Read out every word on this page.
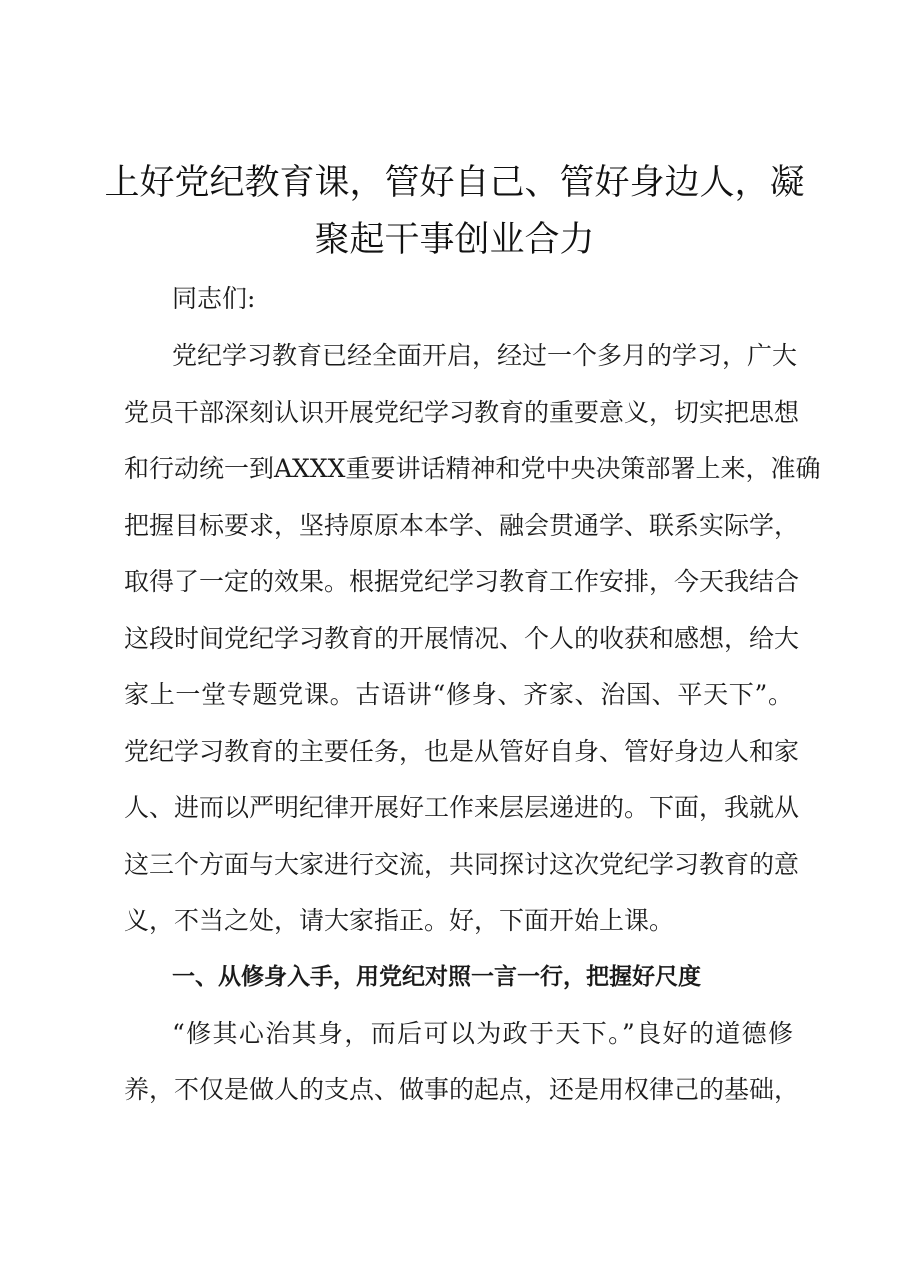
上好党纪教育课，管好自己、管好身边人，凝
聚起干事创业合力
同志们:
党纪学习教育已经全面开启，经过一个多月的学习，广大
党员干部深刻认识开展党纪学习教育的重要意义，切实把思想
和行动统一到AXXX重要讲话精神和党中央决策部署上来，准确
把握目标要求，坚持原原本本学、融会贯通学、联系实际学，
取得了一定的效果。根据党纪学习教育工作安排，今天我结合
这段时间党纪学习教育的开展情况、个人的收获和感想，给大
家上一堂专题党课。古语讲“修身、齐家、治国、平天下”。
党纪学习教育的主要任务，也是从管好自身、管好身边人和家
人、进而以严明纪律开展好工作来层层递进的。下面，我就从
这三个方面与大家进行交流，共同探讨这次党纪学习教育的意
义，不当之处，请大家指正。好，下面开始上课。
一、从修身入手，用党纪对照一言一行，把握好尺度
“修其心治其身，而后可以为政于天下。”良好的道德修
养，不仅是做人的支点、做事的起点，还是用权律己的基础，
